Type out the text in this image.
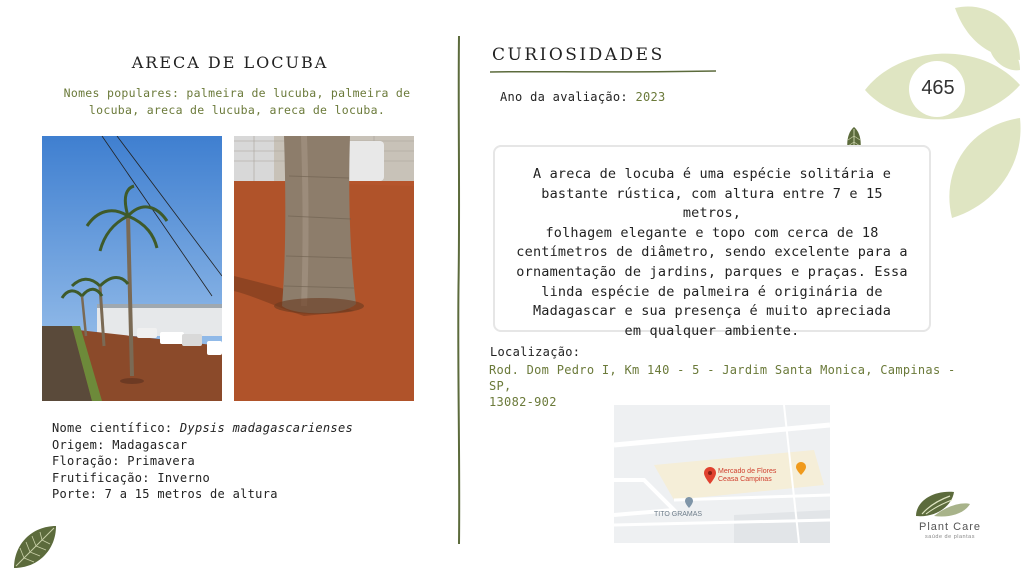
465
ARECA DE LOCUBA
Nomes populares: palmeira de lucuba, palmeira de
locuba, areca de lucuba, areca de locuba.
Nome científico: Dypsis madagascarienses
Origem: Madagascar
Floração: Primavera
Frutificação: Inverno
Porte: 7 a 15 metros de altura
CURIOSIDADES
Ano da avaliação: 2023
A areca de locuba é uma espécie solitária e
bastante rústica, com altura entre 7 e 15 metros,
folhagem elegante e topo com cerca de 18
centímetros de diâmetro, sendo excelente para a
ornamentação de jardins, parques e praças. Essa
linda espécie de palmeira é originária de
Madagascar e sua presença é muito apreciada
em qualquer ambiente.
Localização:
Rod. Dom Pedro I, Km 140 - 5 - Jardim Santa Monica, Campinas - SP,
13082-902
Mercado de Flores
Ceasa Campinas
TITO GRAMAS
Plant Care
saúde de plantas
